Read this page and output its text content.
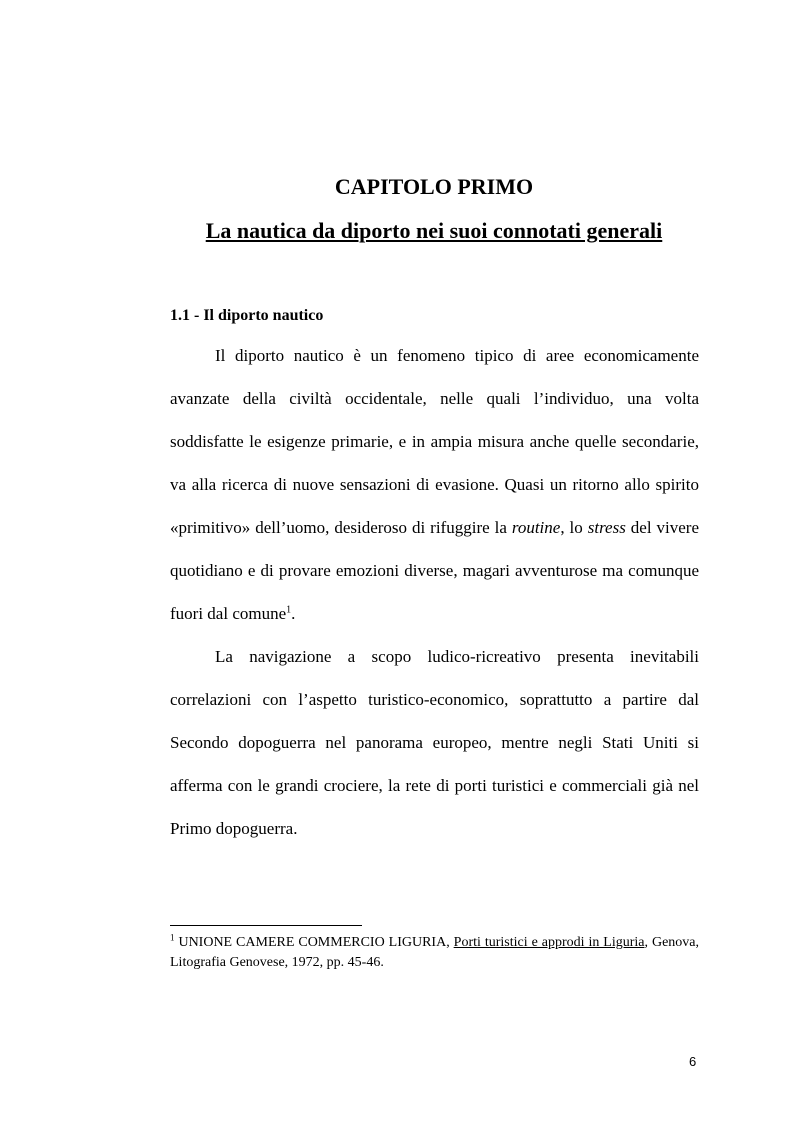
CAPITOLO PRIMO
La nautica da diporto nei suoi connotati generali
1.1 - Il diporto nautico

Il diporto nautico è un fenomeno tipico di aree economicamente avanzate della civiltà occidentale, nelle quali l’individuo, una volta soddisfatte le esigenze primarie, e in ampia misura anche quelle secondarie, va alla ricerca di nuove sensazioni di evasione. Quasi un ritorno allo spirito «primitivo» dell’uomo, desideroso di rifuggire la routine, lo stress del vivere quotidiano e di provare emozioni diverse, magari avventurose ma comunque fuori dal comune$^1$.

La navigazione a scopo ludico-ricreativo presenta inevitabili correlazioni con l’aspetto turistico-economico, soprattutto a partire dal Secondo dopoguerra nel panorama europeo, mentre negli Stati Uniti si afferma con le grandi crociere, la rete di porti turistici e commerciali già nel Primo dopoguerra.

$^1$ UNIONE CAMERE COMMERCIO LIGURIA, Porti turistici e approdi in Liguria, Genova, Litografia Genovese, 1972, pp. 45-46.

6
